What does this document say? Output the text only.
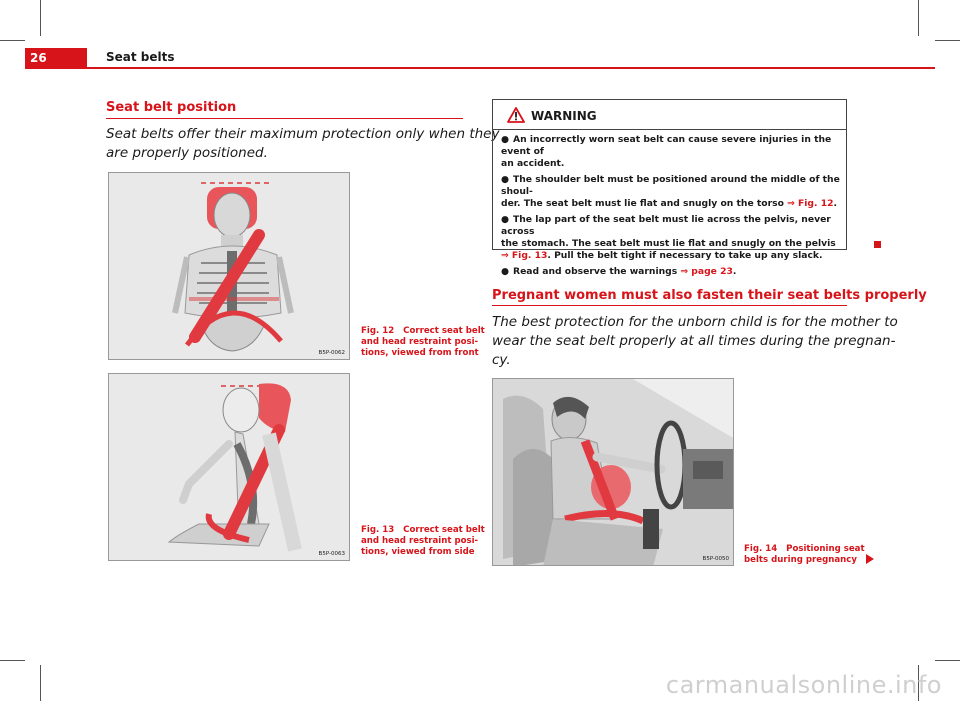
26	Seat belts
Seat belt position
Seat belts offer their maximum protection only when they
are properly positioned.
B5P-0062
Fig. 12 Correct seat belt
and head restraint posi-
tions, viewed from front
B5P-0063
Fig. 13 Correct seat belt
and head restraint posi-
tions, viewed from side
WARNING
● An incorrectly worn seat belt can cause severe injuries in the event of
an accident.
● The shoulder belt must be positioned around the middle of the shoul-
der. The seat belt must lie flat and snugly on the torso ⇒ Fig. 12.
● The lap part of the seat belt must lie across the pelvis, never across
the stomach. The seat belt must lie flat and snugly on the pelvis
⇒ Fig. 13. Pull the belt tight if necessary to take up any slack.
● Read and observe the warnings ⇒ page 23.
Pregnant women must also fasten their seat belts properly
The best protection for the unborn child is for the mother to
wear the seat belt properly at all times during the pregnan-
cy.
B5P-0050
Fig. 14 Positioning seat
belts during pregnancy
carmanualsonline.info
